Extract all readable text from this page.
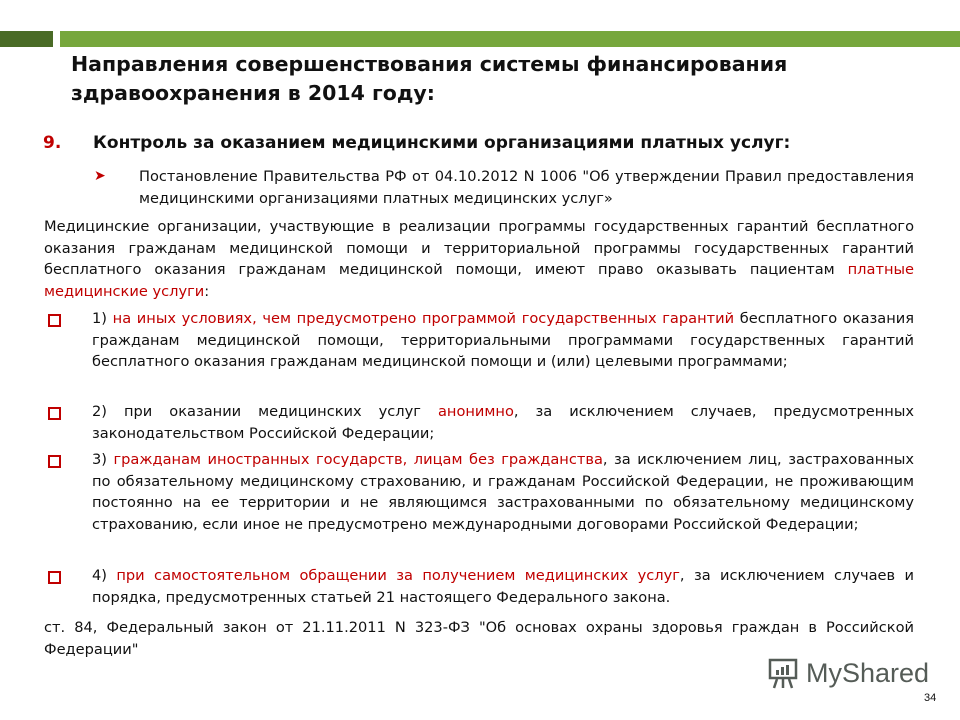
Направления совершенствования системы финансирования здравоохранения в 2014 году:
9. Контроль за оказанием медицинскими организациями платных услуг:
➤ Постановление Правительства РФ от 04.10.2012 N 1006 "Об утверждении Правил предоставления медицинскими организациями платных медицинских услуг»
Медицинские организации, участвующие в реализации программы государственных гарантий бесплатного оказания гражданам медицинской помощи и территориальной программы государственных гарантий бесплатного оказания гражданам медицинской помощи, имеют право оказывать пациентам платные медицинские услуги:
1) на иных условиях, чем предусмотрено программой государственных гарантий бесплатного оказания гражданам медицинской помощи, территориальными программами государственных гарантий бесплатного оказания гражданам медицинской помощи и (или) целевыми программами;
2) при оказании медицинских услуг анонимно, за исключением случаев, предусмотренных законодательством Российской Федерации;
3) гражданам иностранных государств, лицам без гражданства, за исключением лиц, застрахованных по обязательному медицинскому страхованию, и гражданам Российской Федерации, не проживающим постоянно на ее территории и не являющимся застрахованными по обязательному медицинскому страхованию, если иное не предусмотрено международными договорами Российской Федерации;
4) при самостоятельном обращении за получением медицинских услуг, за исключением случаев и порядка, предусмотренных статьей 21 настоящего Федерального закона.
ст. 84, Федеральный закон от 21.11.2011 N 323-ФЗ "Об основах охраны здоровья граждан в Российской Федерации"
MyShared
34
